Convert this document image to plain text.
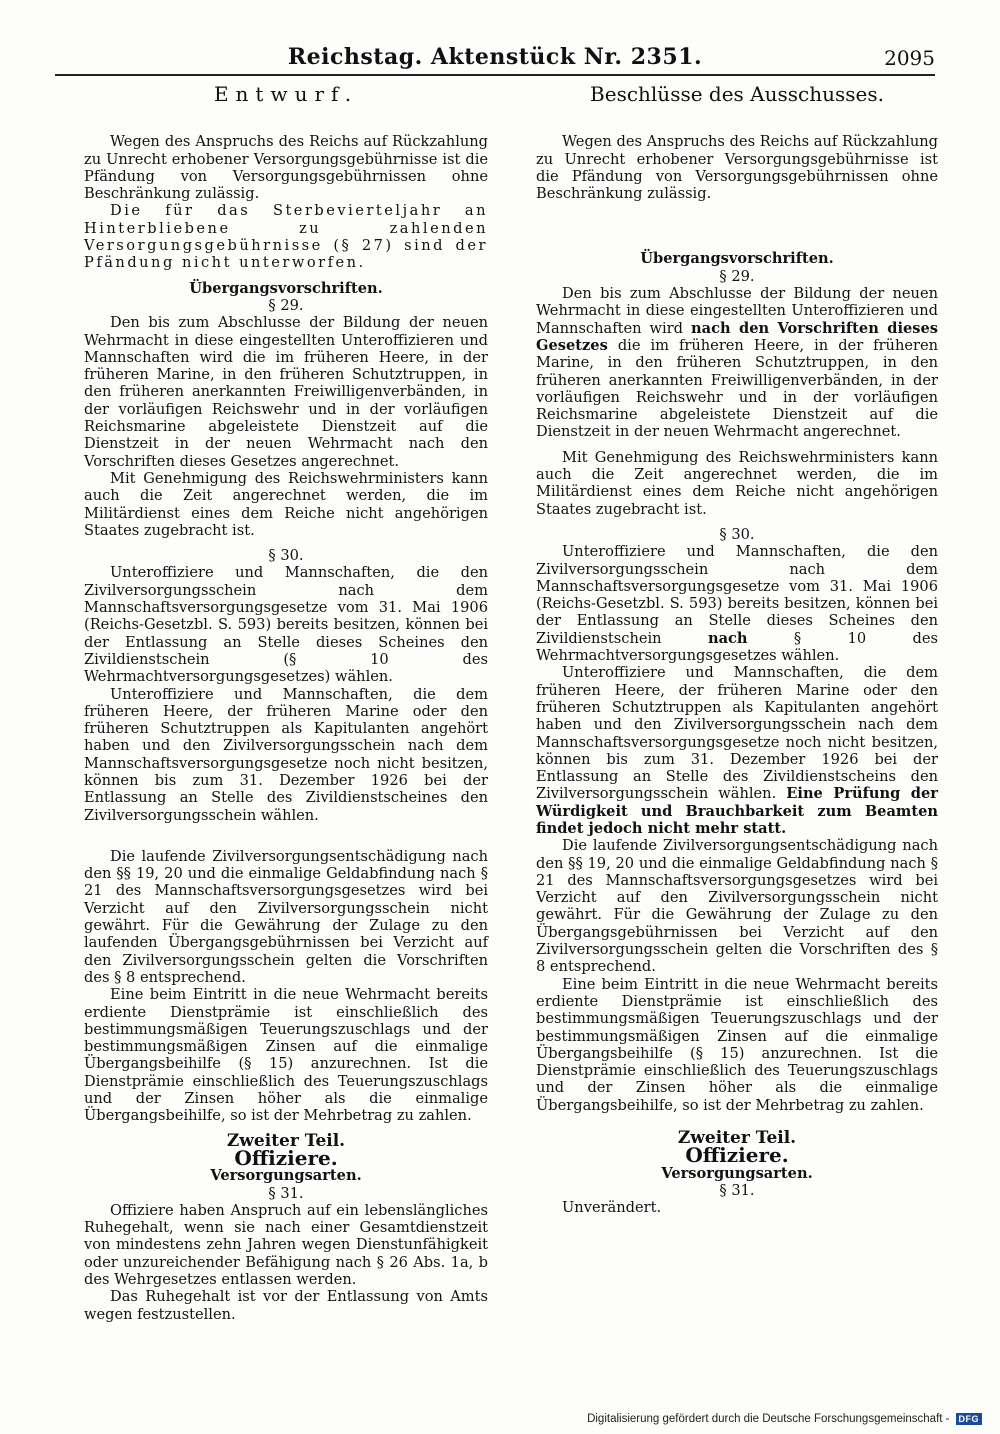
Reichstag. Aktenstück Nr. 2351.	2095
Entwurf.

Wegen des Anspruchs des Reichs auf Rückzahlung zu Unrecht erhobener Versorgungsgebührnisse ist die Pfändung von Versorgungsgebührnissen ohne Beschränkung zulässig.

Die für das Sterbevierteljahr an Hinterbliebene zu zahlenden Versorgungsgebührnisse (§ 27) sind der Pfändung nicht unterworfen.

Übergangsvorschriften.

§ 29.

Den bis zum Abschlusse der Bildung der neuen Wehrmacht in diese eingestellten Unteroffizieren und Mannschaften wird die im früheren Heere, in der früheren Marine, in den früheren Schutztruppen, in den früheren anerkannten Freiwilligenverbänden, in der vorläufigen Reichswehr und in der vorläufigen Reichsmarine abgeleistete Dienstzeit auf die Dienstzeit in der neuen Wehrmacht nach den Vorschriften dieses Gesetzes angerechnet.

Mit Genehmigung des Reichswehrministers kann auch die Zeit angerechnet werden, die im Militärdienst eines dem Reiche nicht angehörigen Staates zugebracht ist.

§ 30.

Unteroffiziere und Mannschaften, die den Zivilversorgungsschein nach dem Mannschaftsversorgungsgesetze vom 31. Mai 1906 (Reichs-Gesetzbl. S. 593) bereits besitzen, können bei der Entlassung an Stelle dieses Scheines den Zivildienstschein (§ 10 des Wehrmachtversorgungsgesetzes) wählen.

Unteroffiziere und Mannschaften, die dem früheren Heere, der früheren Marine oder den früheren Schutztruppen als Kapitulanten angehört haben und den Zivilversorgungsschein nach dem Mannschaftsversorgungsgesetze noch nicht besitzen, können bis zum 31. Dezember 1926 bei der Entlassung an Stelle des Zivildienstscheines den Zivilversorgungsschein wählen.

Die laufende Zivilversorgungsentschädigung nach den §§ 19, 20 und die einmalige Geldabfindung nach § 21 des Mannschaftsversorgungsgesetzes wird bei Verzicht auf den Zivilversorgungsschein nicht gewährt. Für die Gewährung der Zulage zu den laufenden Übergangsgebührnissen bei Verzicht auf den Zivilversorgungsschein gelten die Vorschriften des § 8 entsprechend.

Eine beim Eintritt in die neue Wehrmacht bereits erdiente Dienstprämie ist einschließlich des bestimmungsmäßigen Teuerungszuschlags und der bestimmungsmäßigen Zinsen auf die einmalige Übergangsbeihilfe (§ 15) anzurechnen. Ist die Dienstprämie einschließlich des Teuerungszuschlags und der Zinsen höher als die einmalige Übergangsbeihilfe, so ist der Mehrbetrag zu zahlen.

Zweiter Teil.

Offiziere.

Versorgungsarten.

§ 31.

Offiziere haben Anspruch auf ein lebenslängliches Ruhegehalt, wenn sie nach einer Gesamtdienstzeit von mindestens zehn Jahren wegen Dienstunfähigkeit oder unzureichender Befähigung nach § 26 Abs. 1a, b des Wehrgesetzes entlassen werden.

Das Ruhegehalt ist vor der Entlassung von Amts wegen festzustellen.

Beschlüsse des Ausschusses.

Wegen des Anspruchs des Reichs auf Rückzahlung zu Unrecht erhobener Versorgungsgebührnisse ist die Pfändung von Versorgungsgebührnissen ohne Beschränkung zulässig.

Übergangsvorschriften.

§ 29.

Den bis zum Abschlusse der Bildung der neuen Wehrmacht in diese eingestellten Unteroffizieren und Mannschaften wird nach den Vorschriften dieses Gesetzes die im früheren Heere, in der früheren Marine, in den früheren Schutztruppen, in den früheren anerkannten Freiwilligenverbänden, in der vorläufigen Reichswehr und in der vorläufigen Reichsmarine abgeleistete Dienstzeit auf die Dienstzeit in der neuen Wehrmacht angerechnet.

Mit Genehmigung des Reichswehrministers kann auch die Zeit angerechnet werden, die im Militärdienst eines dem Reiche nicht angehörigen Staates zugebracht ist.

§ 30.

Unteroffiziere und Mannschaften, die den Zivilversorgungsschein nach dem Mannschaftsversorgungsgesetze vom 31. Mai 1906 (Reichs-Gesetzbl. S. 593) bereits besitzen, können bei der Entlassung an Stelle dieses Scheines den Zivildienstschein	nach	§ 10 des Wehrmachtversorgungsgesetzes wählen.

Unteroffiziere und Mannschaften, die dem früheren Heere, der früheren Marine oder den früheren Schutztruppen als Kapitulanten angehört haben und den Zivilversorgungsschein nach dem Mannschaftsversorgungsgesetze noch nicht besitzen, können bis zum 31. Dezember 1926 bei der Entlassung an Stelle des Zivildienstscheins den Zivilversorgungsschein wählen. Eine Prüfung der Würdigkeit und Brauchbarkeit zum Beamten findet jedoch nicht mehr statt.

Die laufende Zivilversorgungsentschädigung nach den §§ 19, 20 und die einmalige Geldabfindung nach § 21 des Mannschaftsversorgungsgesetzes wird bei Verzicht auf den Zivilversorgungsschein nicht gewährt. Für die Gewährung der Zulage zu den Übergangsgebührnissen bei Verzicht auf den Zivilversorgungsschein gelten die Vorschriften des § 8 entsprechend.

Eine beim Eintritt in die neue Wehrmacht bereits erdiente Dienstprämie ist einschließlich des bestimmungsmäßigen Teuerungszuschlags und der bestimmungsmäßigen Zinsen auf die einmalige Übergangsbeihilfe (§ 15) anzurechnen. Ist die Dienstprämie einschließlich des Teuerungszuschlags und der Zinsen höher als die einmalige Übergangsbeihilfe, so ist der Mehrbetrag zu zahlen.

Zweiter Teil.

Offiziere.

Versorgungsarten.

§ 31.

Unverändert.

Digitalisierung gefördert durch die Deutsche Forschungsgemeinschaft -	DFG
